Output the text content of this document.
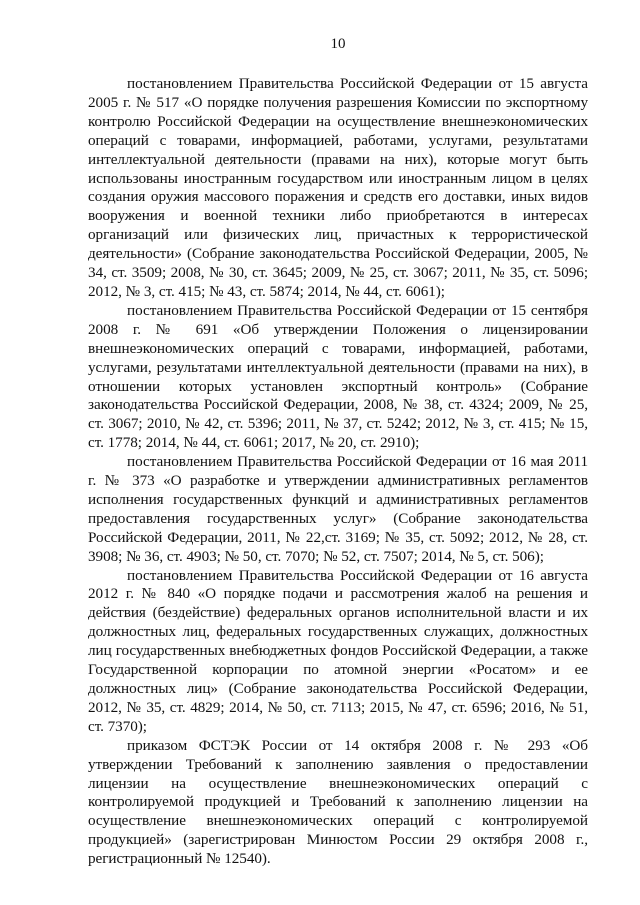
10

постановлением Правительства Российской Федерации от 15 августа 2005 г. № 517 «О порядке получения разрешения Комиссии по экспортному контролю Российской Федерации на осуществление внешнеэкономических операций с товарами, информацией, работами, услугами, результатами интеллектуальной деятельности (правами на них), которые могут быть использованы иностранным государством или иностранным лицом в целях создания оружия массового поражения и средств его доставки, иных видов вооружения и военной техники либо приобретаются в интересах организаций или физических лиц, причастных к террористической деятельности» (Собрание законодательства Российской Федерации, 2005, № 34, ст. 3509; 2008, № 30, ст. 3645; 2009, № 25, ст. 3067; 2011, № 35, ст. 5096; 2012, № 3, ст. 415; № 43, ст. 5874; 2014, № 44, ст. 6061);

постановлением Правительства Российской Федерации от 15 сентября 2008 г. № 691 «Об утверждении Положения о лицензировании внешнеэкономических операций с товарами, информацией, работами, услугами, результатами интеллектуальной деятельности (правами на них), в отношении которых установлен экспортный контроль» (Собрание законодательства Российской Федерации, 2008, № 38, ст. 4324; 2009, № 25, ст. 3067; 2010, № 42, ст. 5396; 2011, № 37, ст. 5242; 2012, № 3, ст. 415; № 15, ст. 1778; 2014, № 44, ст. 6061; 2017, № 20, ст. 2910);

постановлением Правительства Российской Федерации от 16 мая 2011 г. № 373 «О разработке и утверждении административных регламентов исполнения государственных функций и административных регламентов предоставления государственных услуг» (Собрание законодательства Российской Федерации, 2011, № 22,ст. 3169; № 35, ст. 5092; 2012, № 28, ст. 3908; № 36, ст. 4903; № 50, ст. 7070; № 52, ст. 7507; 2014, № 5, ст. 506);

постановлением Правительства Российской Федерации от 16 августа 2012 г. № 840 «О порядке подачи и рассмотрения жалоб на решения и действия (бездействие) федеральных органов исполнительной власти и их должностных лиц, федеральных государственных служащих, должностных лиц государственных внебюджетных фондов Российской Федерации, а также Государственной корпорации по атомной энергии «Росатом» и ее должностных лиц» (Собрание законодательства Российской Федерации, 2012, № 35, ст. 4829; 2014, № 50, ст. 7113; 2015, № 47, ст. 6596; 2016, № 51, ст. 7370);

приказом ФСТЭК России от 14 октября 2008 г. № 293 «Об утверждении Требований к заполнению заявления о предоставлении лицензии на осуществление внешнеэкономических операций с контролируемой продукцией и Требований к заполнению лицензии на осуществление внешнеэкономических операций с контролируемой продукцией» (зарегистрирован Минюстом России 29 октября 2008 г., регистрационный № 12540).
